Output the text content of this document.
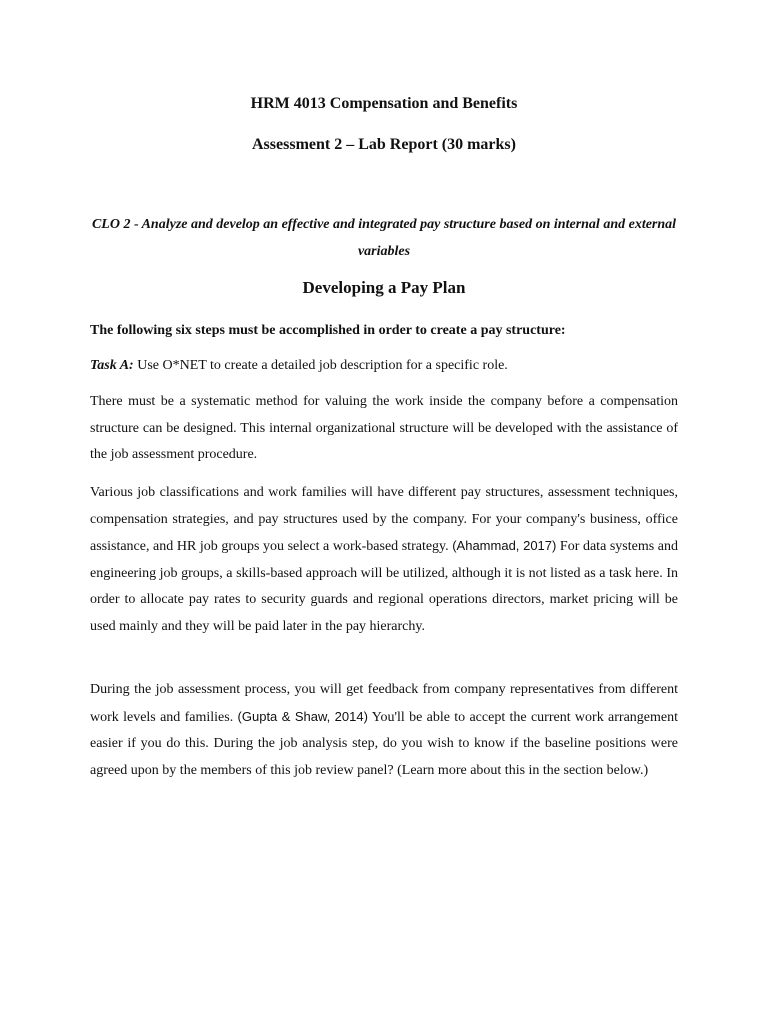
HRM 4013 Compensation and Benefits
Assessment 2 – Lab Report (30 marks)
CLO 2 - Analyze and develop an effective and integrated pay structure based on internal and external variables
Developing a Pay Plan
The following six steps must be accomplished in order to create a pay structure:
Task A: Use O*NET to create a detailed job description for a specific role.
There must be a systematic method for valuing the work inside the company before a compensation structure can be designed. This internal organizational structure will be developed with the assistance of the job assessment procedure.
Various job classifications and work families will have different pay structures, assessment techniques, compensation strategies, and pay structures used by the company. For your company's business, office assistance, and HR job groups you select a work-based strategy. (Ahammad, 2017) For data systems and engineering job groups, a skills-based approach will be utilized, although it is not listed as a task here. In order to allocate pay rates to security guards and regional operations directors, market pricing will be used mainly and they will be paid later in the pay hierarchy.
During the job assessment process, you will get feedback from company representatives from different work levels and families. (Gupta & Shaw, 2014) You'll be able to accept the current work arrangement easier if you do this. During the job analysis step, do you wish to know if the baseline positions were agreed upon by the members of this job review panel? (Learn more about this in the section below.)
